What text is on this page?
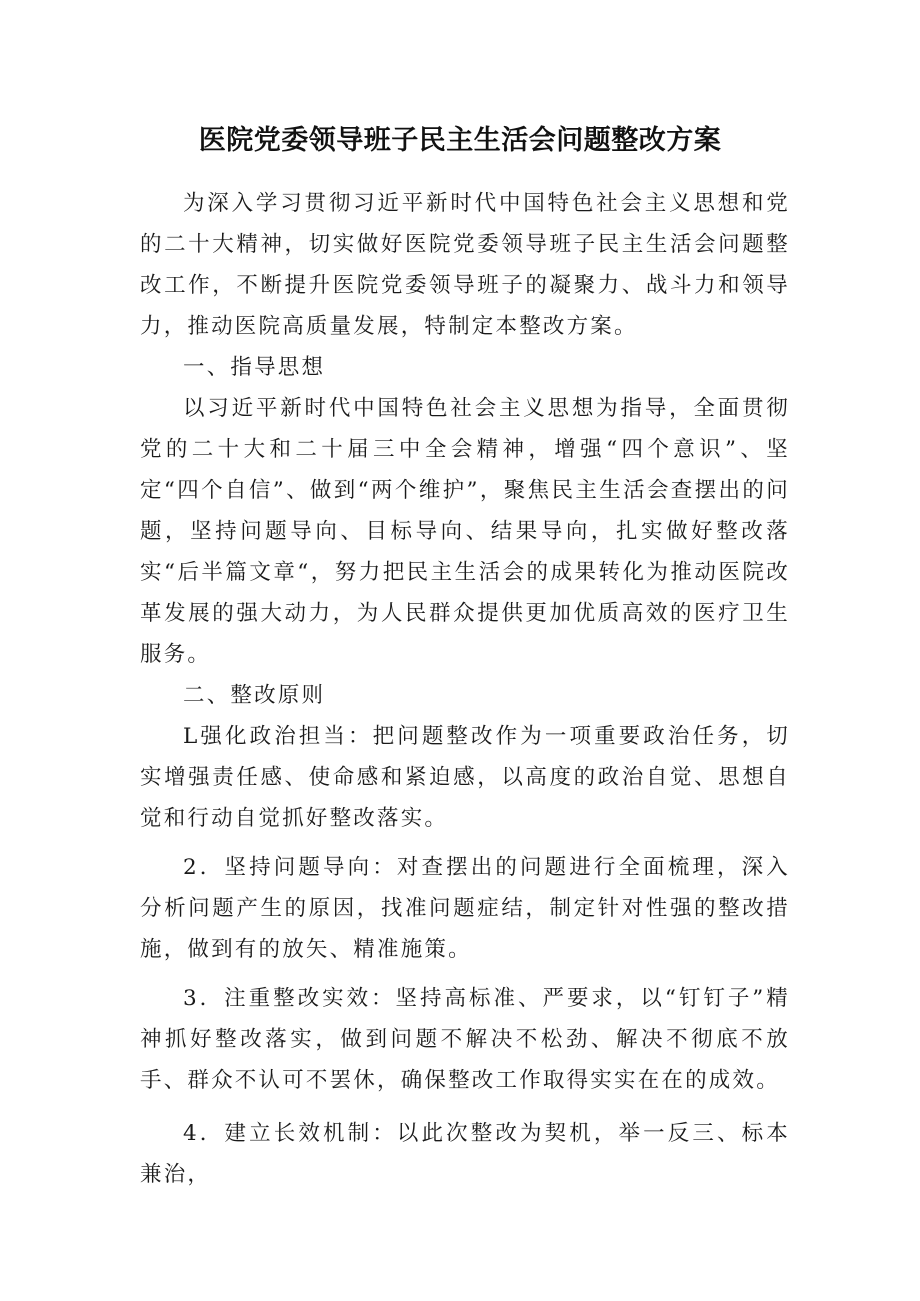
医院党委领导班子民主生活会问题整改方案

为深入学习贯彻习近平新时代中国特色社会主义思想和党的二十大精神，切实做好医院党委领导班子民主生活会问题整改工作，不断提升医院党委领导班子的凝聚力、战斗力和领导力，推动医院高质量发展，特制定本整改方案。

一、指导思想

以习近平新时代中国特色社会主义思想为指导，全面贯彻党的二十大和二十届三中全会精神，增强“四个意识”、坚定“四个自信”、做到“两个维护”，聚焦民主生活会查摆出的问题，坚持问题导向、目标导向、结果导向，扎实做好整改落实“后半篇文章“，努力把民主生活会的成果转化为推动医院改革发展的强大动力，为人民群众提供更加优质高效的医疗卫生服务。

二、整改原则

L强化政治担当：把问题整改作为一项重要政治任务，切实增强责任感、使命感和紧迫感，以高度的政治自觉、思想自觉和行动自觉抓好整改落实。

2．坚持问题导向：对查摆出的问题进行全面梳理，深入分析问题产生的原因，找准问题症结，制定针对性强的整改措施，做到有的放矢、精准施策。

3．注重整改实效：坚持高标准、严要求，以“钉钉子”精神抓好整改落实，做到问题不解决不松劲、解决不彻底不放手、群众不认可不罢休，确保整改工作取得实实在在的成效。

4．建立长效机制：以此次整改为契机，举一反三、标本兼治，
